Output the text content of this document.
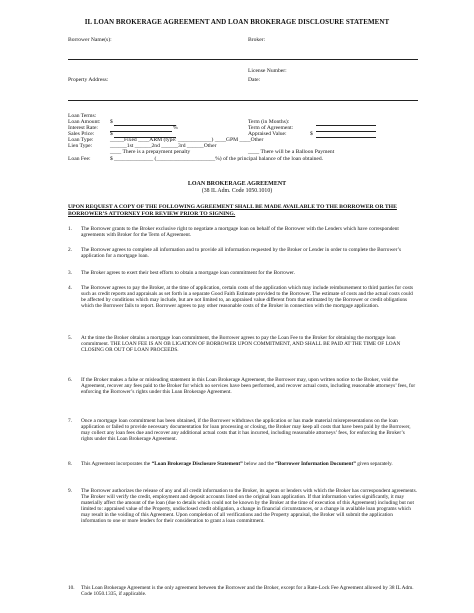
IL LOAN BROKERAGE AGREEMENT AND LOAN BROKERAGE DISCLOSURE STATEMENT
Borrower Name(s):	Broker:
License Number:
Property Address:	Date:
Loan Terms:
Loan Amount: $	Term (in Months):
Interest Rate:	%	Term of Agreement:
Sales Price:	$	Appraised Value:	$
Loan Type:	_____Fixed ____ARM (type: ____________) ____GPM ____Other
Lien Type:	______1st ______2nd ______3rd ______Other
____ There is a prepayment penalty	____ There will be a Balloon Payment
Loan Fee:	$ ______________ (_____________________%) of the principal balance of the loan obtained.
LOAN BROKERAGE AGREEMENT
(38 IL Adm. Code 1050.1010)
UPON REQUEST A COPY OF THE FOLLOWING AGREEMENT SHALL BE MADE AVAILABLE TO THE BORROWER OR THE BORROWER’S ATTORNEY FOR REVIEW PRIOR TO SIGNING.
1. The Borrower grants to the Broker exclusive right to negotiate a mortgage loan on behalf of the Borrower with the Lenders which have correspondent agreements with Broker for the Term of Agreement.
2. The Borrower agrees to complete all information and to provide all information requested by the Broker or Lender in order to complete the Borrower’s application for a mortgage loan.
3. The Broker agrees to exert their best efforts to obtain a mortgage loan commitment for the Borrower.
4. The Borrower agrees to pay the Broker, at the time of application, certain costs of the application which may include reimbursement to third parties for costs such as credit reports and appraisals as set forth in a separate Good Faith Estimate provided to the Borrower. The estimate of costs and the actual costs could be affected by conditions which may include, but are not limited to, an appraised value different from that estimated by the Borrower or credit obligations which the Borrower fails to report. Borrower agrees to pay other reasonable costs of the Broker in connection with the mortgage application.
5. At the time the Broker obtains a mortgage loan commitment, the Borrower agrees to pay the Loan Fee to the Broker for obtaining the mortgage loan commitment. THE LOAN FEE IS AN OB LIGATION OF BORROWER UPON COMMITMENT, AND SHALL BE PAID AT THE TIME OF LOAN CLOSING OR OUT OF LOAN PROCEEDS.
6. If the Broker makes a false or misleading statement in this Loan Brokerage Agreement, the Borrower may, upon written notice to the Broker, void the Agreement, recover any fees paid to the Broker for which no services have been performed, and recover actual costs, including reasonable attorneys’ fees, for enforcing the Borrower’s rights under this Loan Brokerage Agreement.
7. Once a mortgage loan commitment has been obtained, if the Borrower withdraws the application or has made material misrepresentations on the loan application or failed to provide necessary documentation for loan processing or closing, the Broker may keep all costs that have been paid by the Borrower, may collect any loan fees due and recover any additional actual costs that it has incurred, including reasonable attorneys’ fees, for enforcing the Broker’s rights under this Loan Brokerage Agreement.
8. This Agreement incorporates the “Loan Brokerage Disclosure Statement” below and the “Borrower Information Document” given separately.
9. The Borrower authorizes the release of any and all credit information to the Broker, its agents or lenders with which the Broker has correspondent agreements. The Broker will verify the credit, employment and deposit accounts listed on the original loan application. If that information varies significantly, it may materially affect the amount of the loan (due to details which could not be known by the Broker at the time of execution of this Agreement) including but not limited to: appraised value of the Property, undisclosed credit obligation, a change in financial circumstances, or a change in available loan programs which may result in the voiding of this Agreement. Upon completion of all verifications and the Property appraisal, the Broker will submit the application information to one or more lenders for their consideration to grant a loan commitment.
10. This Loan Brokerage Agreement is the only agreement between the Borrower and the Broker, except for a Rate-Lock Fee Agreement allowed by 38 IL Adm. Code 1050.1335, if applicable.
